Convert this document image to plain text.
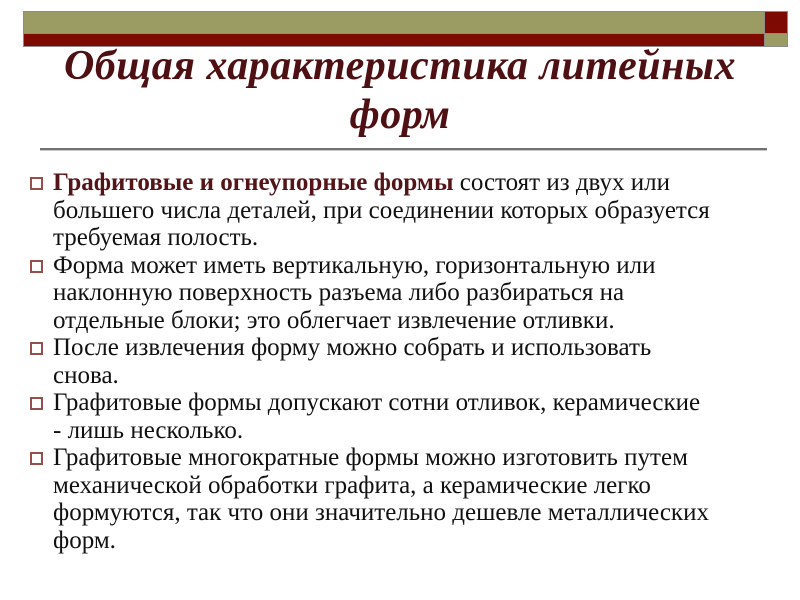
Общая характеристика литейных
форм
Графитовые и огнеупорные формы состоят из двух или
большего числа деталей, при соединении которых образуется
требуемая полость.
Форма может иметь вертикальную, горизонтальную или
наклонную поверхность разъема либо разбираться на
отдельные блоки; это облегчает извлечение отливки.
После извлечения форму можно собрать и использовать
снова.
Графитовые формы допускают сотни отливок, керамические
- лишь несколько.
Графитовые многократные формы можно изготовить путем
механической обработки графита, а керамические легко
формуются, так что они значительно дешевле металлических
форм.
